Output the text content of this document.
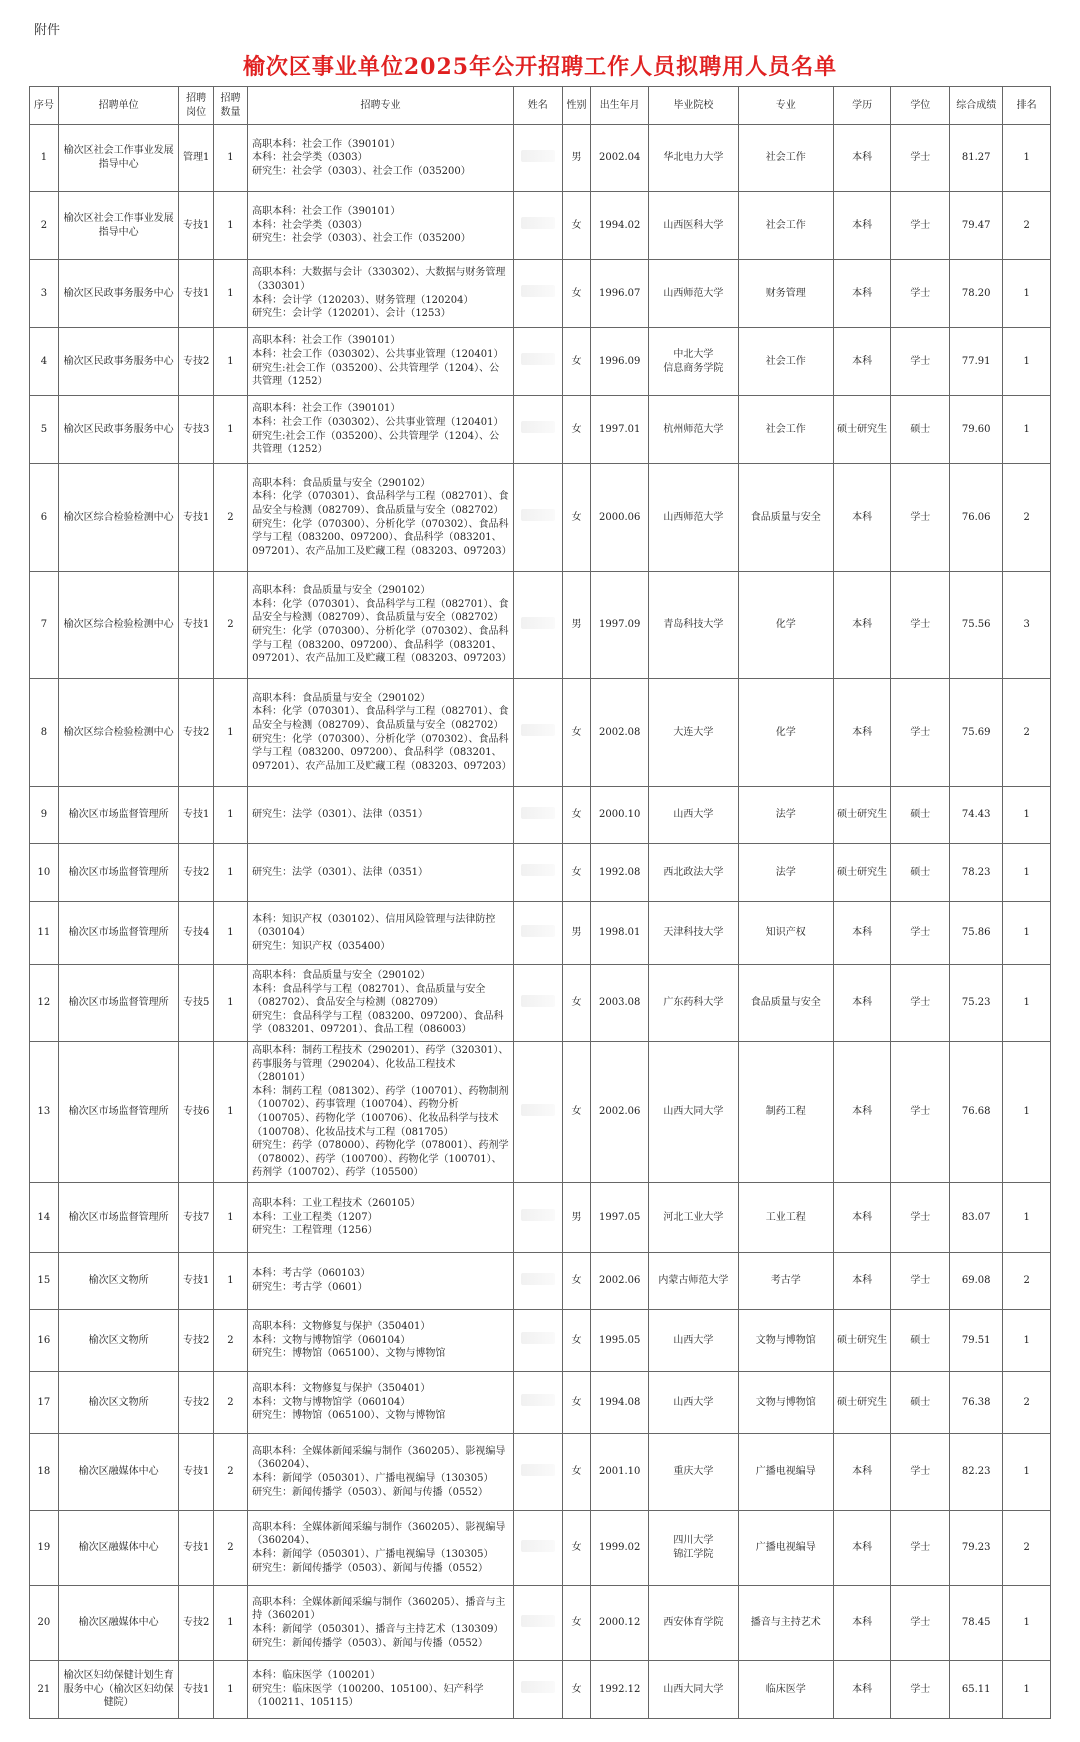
附件
榆次区事业单位2025年公开招聘工作人员拟聘用人员名单
序号	招聘单位	招聘岗位	招聘数量	招聘专业	姓名	性别	出生年月	毕业院校	专业	学历	学位	综合成绩	排名
1	榆次区社会工作事业发展指导中心	管理1	1	高职本科：社会工作（390101）
本科：社会学类（0303）
研究生：社会学（0303）、社会工作（035200）		男	2002.04	华北电力大学	社会工作	本科	学士	81.27	1
2	榆次区社会工作事业发展指导中心	专技1	1	高职本科：社会工作（390101）
本科：社会学类（0303）
研究生：社会学（0303）、社会工作（035200）		女	1994.02	山西医科大学	社会工作	本科	学士	79.47	2
3	榆次区民政事务服务中心	专技1	1	高职本科：大数据与会计（330302）、大数据与财务管理（330301）
本科：会计学（120203）、财务管理（120204）
研究生：会计学（120201）、会计（1253）		女	1996.07	山西师范大学	财务管理	本科	学士	78.20	1
4	榆次区民政事务服务中心	专技2	1	高职本科：社会工作（390101）
本科：社会工作（030302）、公共事业管理（120401）
研究生:社会工作（035200）、公共管理学（1204）、公共管理（1252）		女	1996.09	中北大学
信息商务学院	社会工作	本科	学士	77.91	1
5	榆次区民政事务服务中心	专技3	1	高职本科：社会工作（390101）
本科：社会工作（030302）、公共事业管理（120401）
研究生:社会工作（035200）、公共管理学（1204）、公共管理（1252）		女	1997.01	杭州师范大学	社会工作	硕士研究生	硕士	79.60	1
6	榆次区综合检验检测中心	专技1	2	高职本科：食品质量与安全（290102）
本科：化学（070301）、食品科学与工程（082701）、食品安全与检测（082709）、食品质量与安全（082702）
研究生：化学（070300）、分析化学（070302）、食品科学与工程（083200、097200）、食品科学（083201、097201）、农产品加工及贮藏工程（083203、097203）		女	2000.06	山西师范大学	食品质量与安全	本科	学士	76.06	2
7	榆次区综合检验检测中心	专技1	2	高职本科：食品质量与安全（290102）
本科：化学（070301）、食品科学与工程（082701）、食品安全与检测（082709）、食品质量与安全（082702）
研究生：化学（070300）、分析化学（070302）、食品科学与工程（083200、097200）、食品科学（083201、097201）、农产品加工及贮藏工程（083203、097203）		男	1997.09	青岛科技大学	化学	本科	学士	75.56	3
8	榆次区综合检验检测中心	专技2	1	高职本科：食品质量与安全（290102）
本科：化学（070301）、食品科学与工程（082701）、食品安全与检测（082709）、食品质量与安全（082702）
研究生：化学（070300）、分析化学（070302）、食品科学与工程（083200、097200）、食品科学（083201、097201）、农产品加工及贮藏工程（083203、097203）		女	2002.08	大连大学	化学	本科	学士	75.69	2
9	榆次区市场监督管理所	专技1	1	研究生：法学（0301）、法律（0351）		女	2000.10	山西大学	法学	硕士研究生	硕士	74.43	1
10	榆次区市场监督管理所	专技2	1	研究生：法学（0301）、法律（0351）		女	1992.08	西北政法大学	法学	硕士研究生	硕士	78.23	1
11	榆次区市场监督管理所	专技4	1	本科：知识产权（030102）、信用风险管理与法律防控（030104）
研究生：知识产权（035400）		男	1998.01	天津科技大学	知识产权	本科	学士	75.86	1
12	榆次区市场监督管理所	专技5	1	高职本科：食品质量与安全（290102）
本科：食品科学与工程（082701）、食品质量与安全（082702）、食品安全与检测（082709）
研究生：食品科学与工程（083200、097200）、食品科学（083201、097201）、食品工程（086003）		女	2003.08	广东药科大学	食品质量与安全	本科	学士	75.23	1
13	榆次区市场监督管理所	专技6	1	高职本科：制药工程技术（290201）、药学（320301）、药事服务与管理（290204）、化妆品工程技术（280101）
本科：制药工程（081302）、药学（100701）、药物制剂（100702）、药事管理（100704）、药物分析（100705）、药物化学（100706）、化妆品科学与技术（100708）、化妆品技术与工程（081705）
研究生：药学（078000）、药物化学（078001）、药剂学（078002）、药学（100700）、药物化学（100701）、药剂学（100702）、药学（105500）		女	2002.06	山西大同大学	制药工程	本科	学士	76.68	1
14	榆次区市场监督管理所	专技7	1	高职本科：工业工程技术（260105）
本科：工业工程类（1207）
研究生：工程管理（1256）		男	1997.05	河北工业大学	工业工程	本科	学士	83.07	1
15	榆次区文物所	专技1	1	本科：考古学（060103）
研究生：考古学（0601）		女	2002.06	内蒙古师范大学	考古学	本科	学士	69.08	2
16	榆次区文物所	专技2	2	高职本科：文物修复与保护（350401）
本科：文物与博物馆学（060104）
研究生：博物馆（065100）、文物与博物馆		女	1995.05	山西大学	文物与博物馆	硕士研究生	硕士	79.51	1
17	榆次区文物所	专技2	2	高职本科：文物修复与保护（350401）
本科：文物与博物馆学（060104）
研究生：博物馆（065100）、文物与博物馆		女	1994.08	山西大学	文物与博物馆	硕士研究生	硕士	76.38	2
18	榆次区融媒体中心	专技1	2	高职本科：全媒体新闻采编与制作（360205）、影视编导（360204）、
本科：新闻学（050301）、广播电视编导（130305）
研究生：新闻传播学（0503）、新闻与传播（0552）		女	2001.10	重庆大学	广播电视编导	本科	学士	82.23	1
19	榆次区融媒体中心	专技1	2	高职本科：全媒体新闻采编与制作（360205）、影视编导（360204）、
本科：新闻学（050301）、广播电视编导（130305）
研究生：新闻传播学（0503）、新闻与传播（0552）		女	1999.02	四川大学
锦江学院	广播电视编导	本科	学士	79.23	2
20	榆次区融媒体中心	专技2	1	高职本科：全媒体新闻采编与制作（360205）、播音与主持（360201）
本科：新闻学（050301）、播音与主持艺术（130309）
研究生：新闻传播学（0503）、新闻与传播（0552）		女	2000.12	西安体育学院	播音与主持艺术	本科	学士	78.45	1
21	榆次区妇幼保健计划生育服务中心（榆次区妇幼保健院）	专技1	1	本科：临床医学（100201）
研究生：临床医学（100200、105100）、妇产科学（100211、105115）		女	1992.12	山西大同大学	临床医学	本科	学士	65.11	1
